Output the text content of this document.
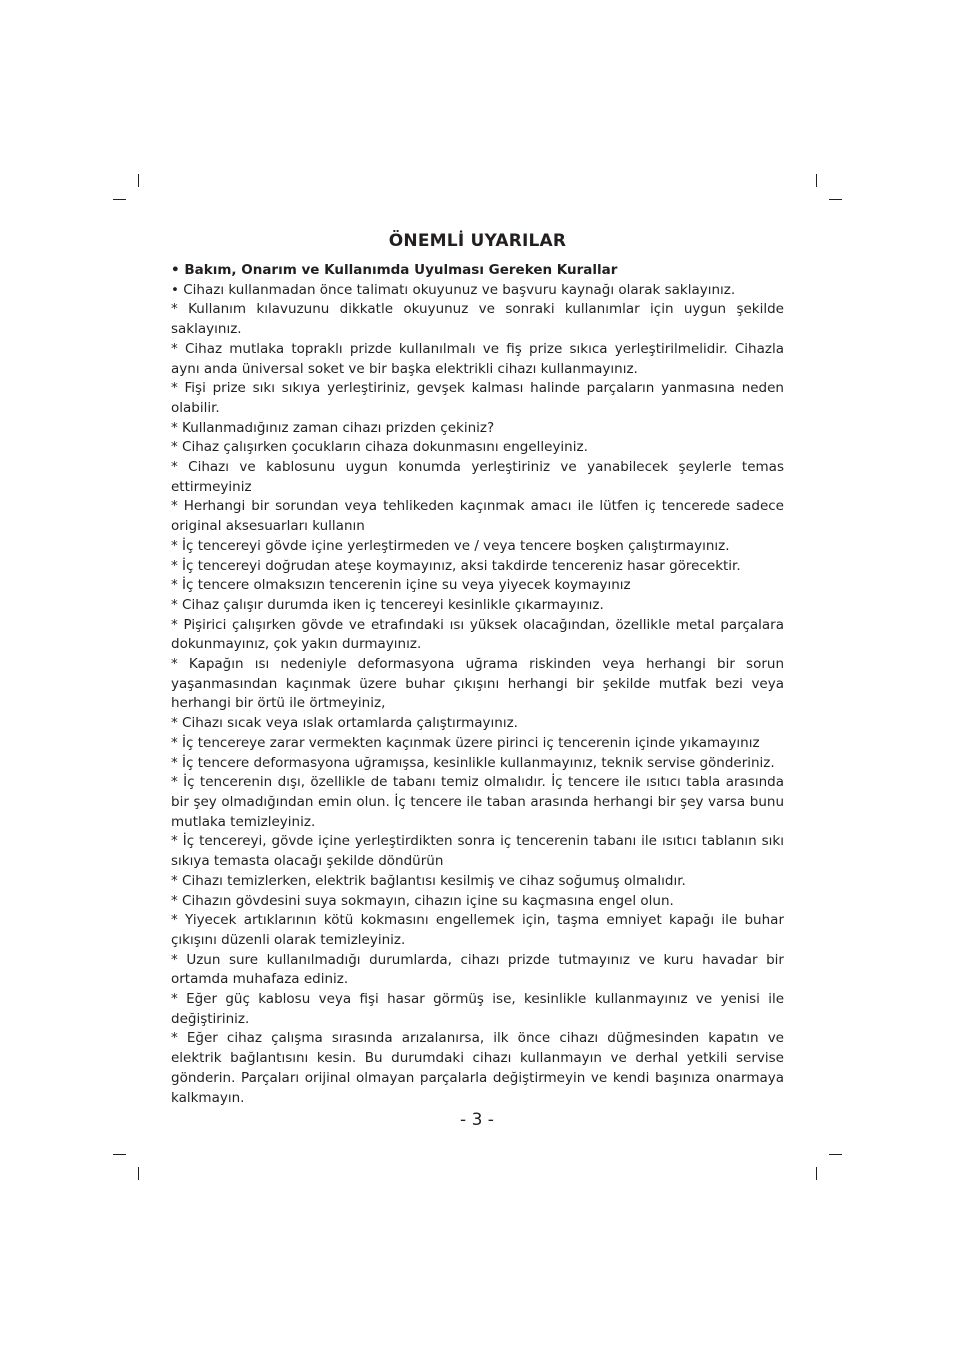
ÖNEMLİ UYARILAR

• Bakım, Onarım ve Kullanımda Uyulması Gereken Kurallar

• Cihazı kullanmadan önce talimatı okuyunuz ve başvuru kaynağı olarak saklayınız.

* Kullanım kılavuzunu dikkatle okuyunuz ve sonraki kullanımlar için uygun şekilde saklayınız.

* Cihaz mutlaka topraklı prizde kullanılmalı ve fiş prize sıkıca yerleştirilmelidir. Cihazla aynı anda üniversal soket ve bir başka elektrikli cihazı kullanmayınız.

* Fişi prize sıkı sıkıya yerleştiriniz, gevşek kalması halinde parçaların yanmasına neden olabilir.

* Kullanmadığınız zaman cihazı prizden çekiniz?

* Cihaz çalışırken çocukların cihaza dokunmasını engelleyiniz.

* Cihazı ve kablosunu uygun konumda yerleştiriniz ve yanabilecek şeylerle temas ettirmeyiniz

* Herhangi bir sorundan veya tehlikeden kaçınmak amacı ile lütfen iç tencerede sadece original aksesuarları kullanın

* İç tencereyi gövde içine yerleştirmeden ve / veya tencere boşken çalıştırmayınız.

* İç tencereyi doğrudan ateşe koymayınız, aksi takdirde tencereniz hasar görecektir.

* İç tencere olmaksızın tencerenin içine su veya yiyecek koymayınız

* Cihaz çalışır durumda iken iç tencereyi kesinlikle çıkarmayınız.

* Pişirici çalışırken gövde ve etrafındaki ısı yüksek olacağından, özellikle metal parçalara dokunmayınız, çok yakın durmayınız.

* Kapağın ısı nedeniyle deformasyona uğrama riskinden veya herhangi bir sorun yaşanmasından kaçınmak üzere buhar çıkışını herhangi bir şekilde mutfak bezi veya herhangi bir örtü ile örtmeyiniz,

* Cihazı sıcak veya ıslak ortamlarda çalıştırmayınız.

* İç tencereye zarar vermekten kaçınmak üzere pirinci iç tencerenin içinde yıkamayınız

* İç tencere deformasyona uğramışsa, kesinlikle kullanmayınız, teknik servise gönderiniz.

* İç tencerenin dışı, özellikle de tabanı temiz olmalıdır. İç tencere ile ısıtıcı tabla arasında bir şey olmadığından emin olun. İç tencere ile taban arasında herhangi bir şey varsa bunu mutlaka temizleyiniz.

* İç tencereyi, gövde içine yerleştirdikten sonra iç tencerenin tabanı ile ısıtıcı tablanın sıkı sıkıya temasta olacağı şekilde döndürün

* Cihazı temizlerken, elektrik bağlantısı kesilmiş ve cihaz soğumuş olmalıdır.

* Cihazın gövdesini suya sokmayın, cihazın içine su kaçmasına engel olun.

* Yiyecek artıklarının kötü kokmasını engellemek için, taşma emniyet kapağı ile buhar çıkışını düzenli olarak temizleyiniz.

* Uzun sure kullanılmadığı durumlarda, cihazı prizde tutmayınız ve kuru havadar bir ortamda muhafaza ediniz.

* Eğer güç kablosu veya fişi hasar görmüş ise, kesinlikle kullanmayınız ve yenisi ile değiştiriniz.

* Eğer cihaz çalışma sırasında arızalanırsa, ilk önce cihazı düğmesinden kapatın ve elektrik bağlantısını kesin. Bu durumdaki cihazı kullanmayın ve derhal yetkili servise gönderin. Parçaları orijinal olmayan parçalarla değiştirmeyin ve kendi başınıza onarmaya kalkmayın.

- 3 -
